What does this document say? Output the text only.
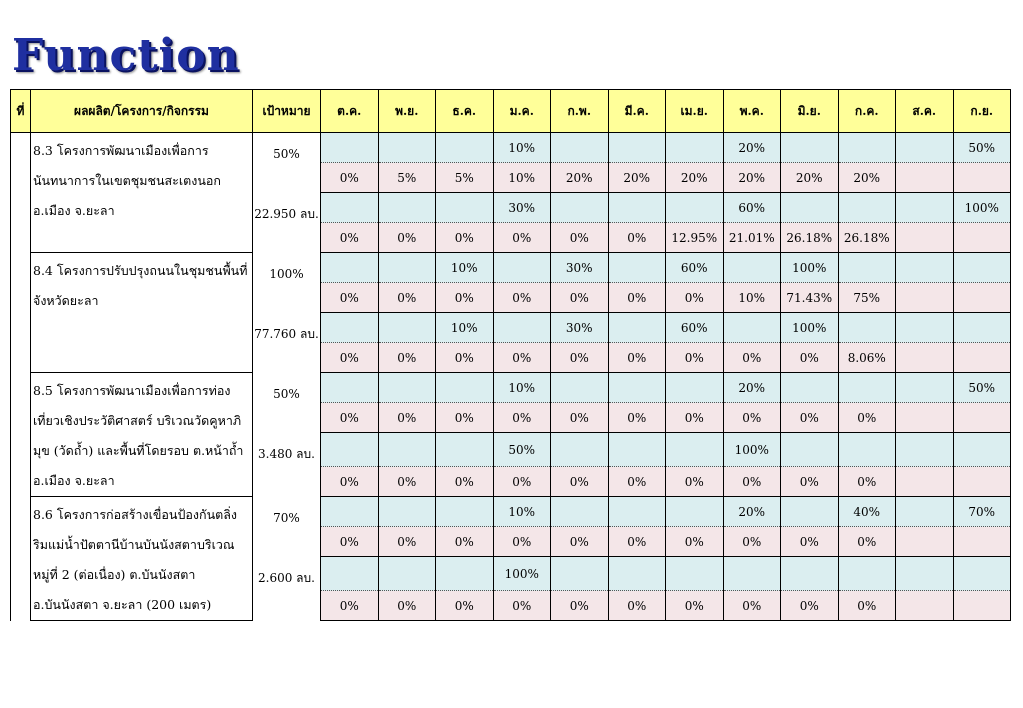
Function
ที่	ผลผลิต/โครงการ/กิจกรรม	เป้าหมาย	ต.ค.	พ.ย.	ธ.ค.	ม.ค.	ก.พ.	มี.ค.	เม.ย.	พ.ค.	มิ.ย.	ก.ค.	ส.ค.	ก.ย.
	8.3 โครงการพัฒนาเมืองเพื่อการนันทนาการในเขตชุมชนสะเตงนอก อ.เมือง จ.ยะลา	50%				10%				20%				50%
			0%	5%	5%	10%	20%	20%	20%	20%	20%	20%		
		22.950 ลบ.				30%				60%				100%
			0%	0%	0%	0%	0%	0%	12.95%	21.01%	26.18%	26.18%		
	8.4 โครงการปรับปรุงถนนในชุมชนพื้นที่จังหวัดยะลา	100%			10%		30%		60%		100%			
			0%	0%	0%	0%	0%	0%	0%	10%	71.43%	75%		
		77.760 ลบ.			10%		30%		60%		100%			
			0%	0%	0%	0%	0%	0%	0%	0%	0%	8.06%		
	8.5 โครงการพัฒนาเมืองเพื่อการท่องเที่ยวเชิงประวัติศาสตร์ บริเวณวัดคูหาภิมุข (วัดถ้ำ) และพื้นที่โดยรอบ ต.หน้าถ้ำ อ.เมือง จ.ยะลา	50%				10%				20%				50%
			0%	0%	0%	0%	0%	0%	0%	0%	0%	0%		
		3.480 ลบ.				50%				100%				
			0%	0%	0%	0%	0%	0%	0%	0%	0%	0%		
	8.6 โครงการก่อสร้างเขื่อนป้องกันตลิ่งริมแม่น้ำปัตตานีบ้านบันนังสตาบริเวณหมู่ที่ 2 (ต่อเนื่อง) ต.บันนังสตา อ.บันนังสตา จ.ยะลา (200 เมตร)	70%				10%				20%		40%		70%
			0%	0%	0%	0%	0%	0%	0%	0%	0%	0%		
		2.600 ลบ.				100%								
			0%	0%	0%	0%	0%	0%	0%	0%	0%	0%		
